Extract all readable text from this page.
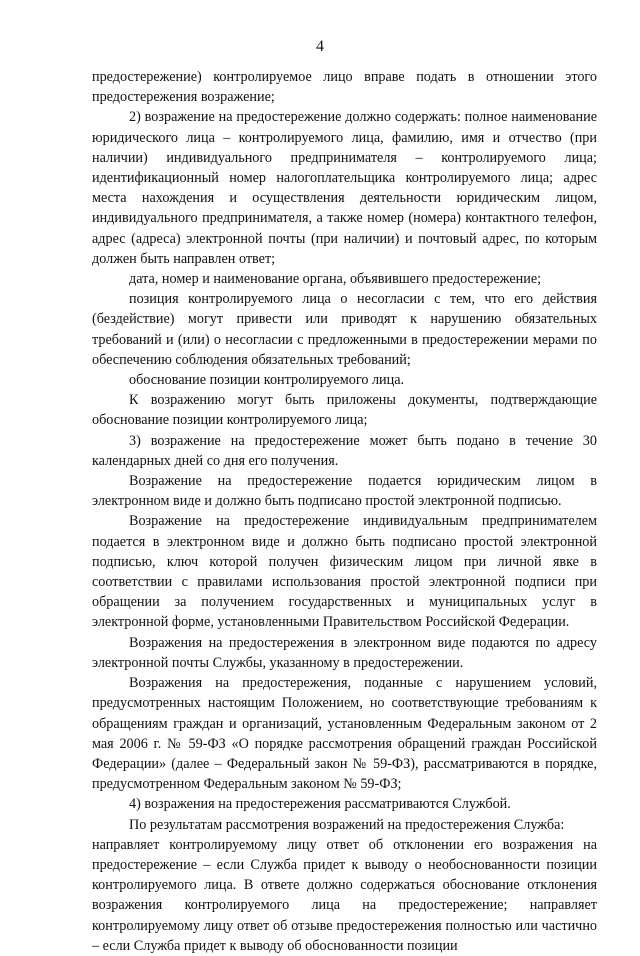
4

предостережение) контролируемое лицо вправе подать в отношении этого предостережения возражение;

2) возражение на предостережение должно содержать: полное наименование юридического лица – контролируемого лица, фамилию, имя и отчество (при наличии) индивидуального предпринимателя – контролируемого лица; идентификационный номер налогоплательщика контролируемого лица; адрес места нахождения и осуществления деятельности юридическим лицом, индивидуального предпринимателя, а также номер (номера) контактного телефон, адрес (адреса) электронной почты (при наличии) и почтовый адрес, по которым должен быть направлен ответ;

дата, номер и наименование органа, объявившего предостережение;

позиция контролируемого лица о несогласии с тем, что его действия (бездействие) могут привести или приводят к нарушению обязательных требований и (или) о несогласии с предложенными в предостережении мерами по обеспечению соблюдения обязательных требований;

обоснование позиции контролируемого лица.

К возражению могут быть приложены документы, подтверждающие обоснование позиции контролируемого лица;

3) возражение на предостережение может быть подано в течение 30 календарных дней со дня его получения.

Возражение на предостережение подается юридическим лицом в электронном виде и должно быть подписано простой электронной подписью.

Возражение на предостережение индивидуальным предпринимателем подается в электронном виде и должно быть подписано простой электронной подписью, ключ которой получен физическим лицом при личной явке в соответствии с правилами использования простой электронной подписи при обращении за получением государственных и муниципальных услуг в электронной форме, установленными Правительством Российской Федерации.

Возражения на предостережения в электронном виде подаются по адресу электронной почты Службы, указанному в предостережении.

Возражения на предостережения, поданные с нарушением условий, предусмотренных настоящим Положением, но соответствующие требованиям к обращениям граждан и организаций, установленным Федеральным законом от 2 мая 2006 г. № 59-ФЗ «О порядке рассмотрения обращений граждан Российской Федерации» (далее – Федеральный закон № 59-ФЗ), рассматриваются в порядке, предусмотренном Федеральным законом № 59-ФЗ;

4) возражения на предостережения рассматриваются Службой.

По результатам рассмотрения возражений на предостережения Служба:

направляет контролируемому лицу ответ об отклонении его возражения на предостережение – если Служба придет к выводу о необоснованности позиции контролируемого лица. В ответе должно содержаться обоснование отклонения возражения контролируемого лица на предостережение; направляет контролируемому лицу ответ об отзыве предостережения полностью или частично – если Служба придет к выводу об обоснованности позиции
